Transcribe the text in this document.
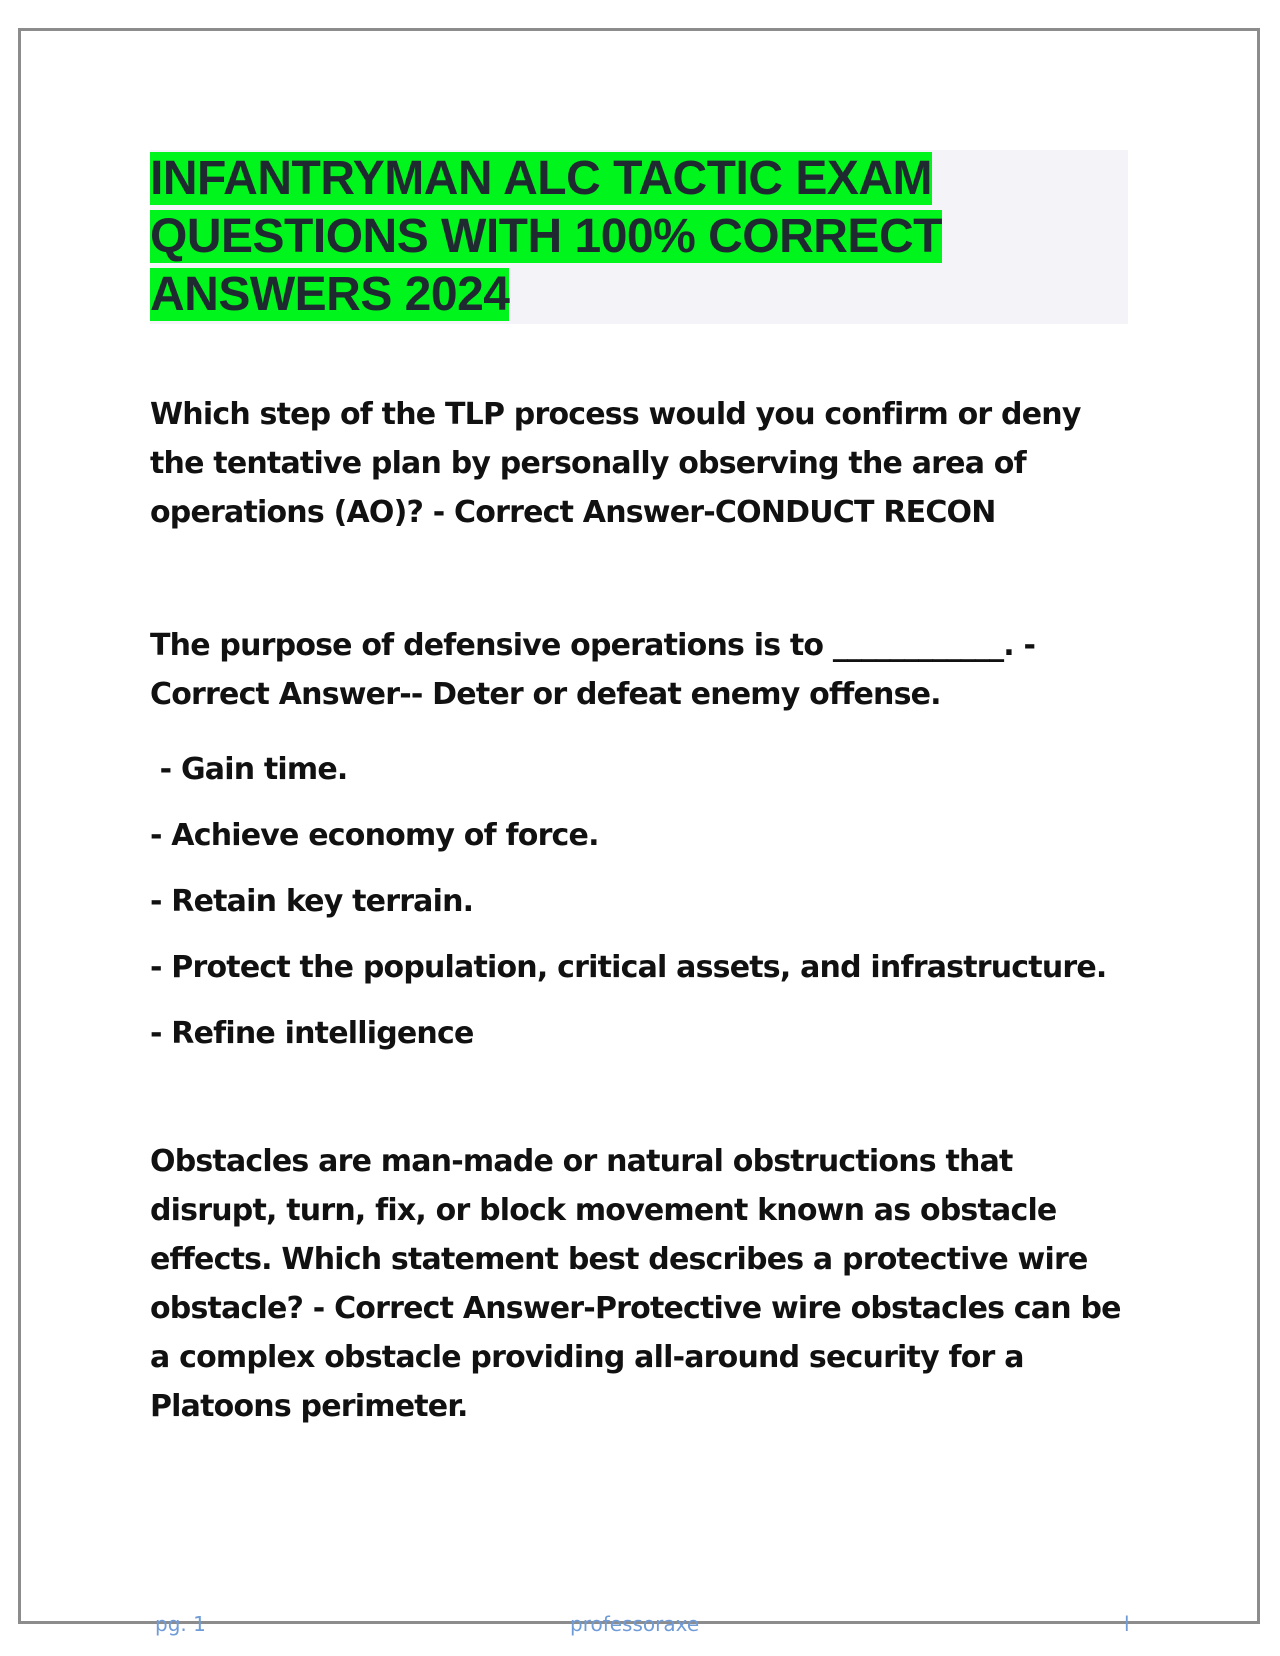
INFANTRYMAN ALC TACTIC EXAM QUESTIONS WITH 100% CORRECT ANSWERS 2024

Which step of the TLP process would you confirm or deny the tentative plan by personally observing the area of operations (AO)? - Correct Answer-CONDUCT RECON

The purpose of defensive operations is to ____________. - Correct Answer-- Deter or defeat enemy offense.

- Gain time.
- Achieve economy of force.
- Retain key terrain.
- Protect the population, critical assets, and infrastructure.
- Refine intelligence

Obstacles are man-made or natural obstructions that disrupt, turn, fix, or block movement known as obstacle effects. Which statement best describes a protective wire obstacle? - Correct Answer-Protective wire obstacles can be a complex obstacle providing all-around security for a Platoons perimeter.

pg. 1	professoraxe	l
